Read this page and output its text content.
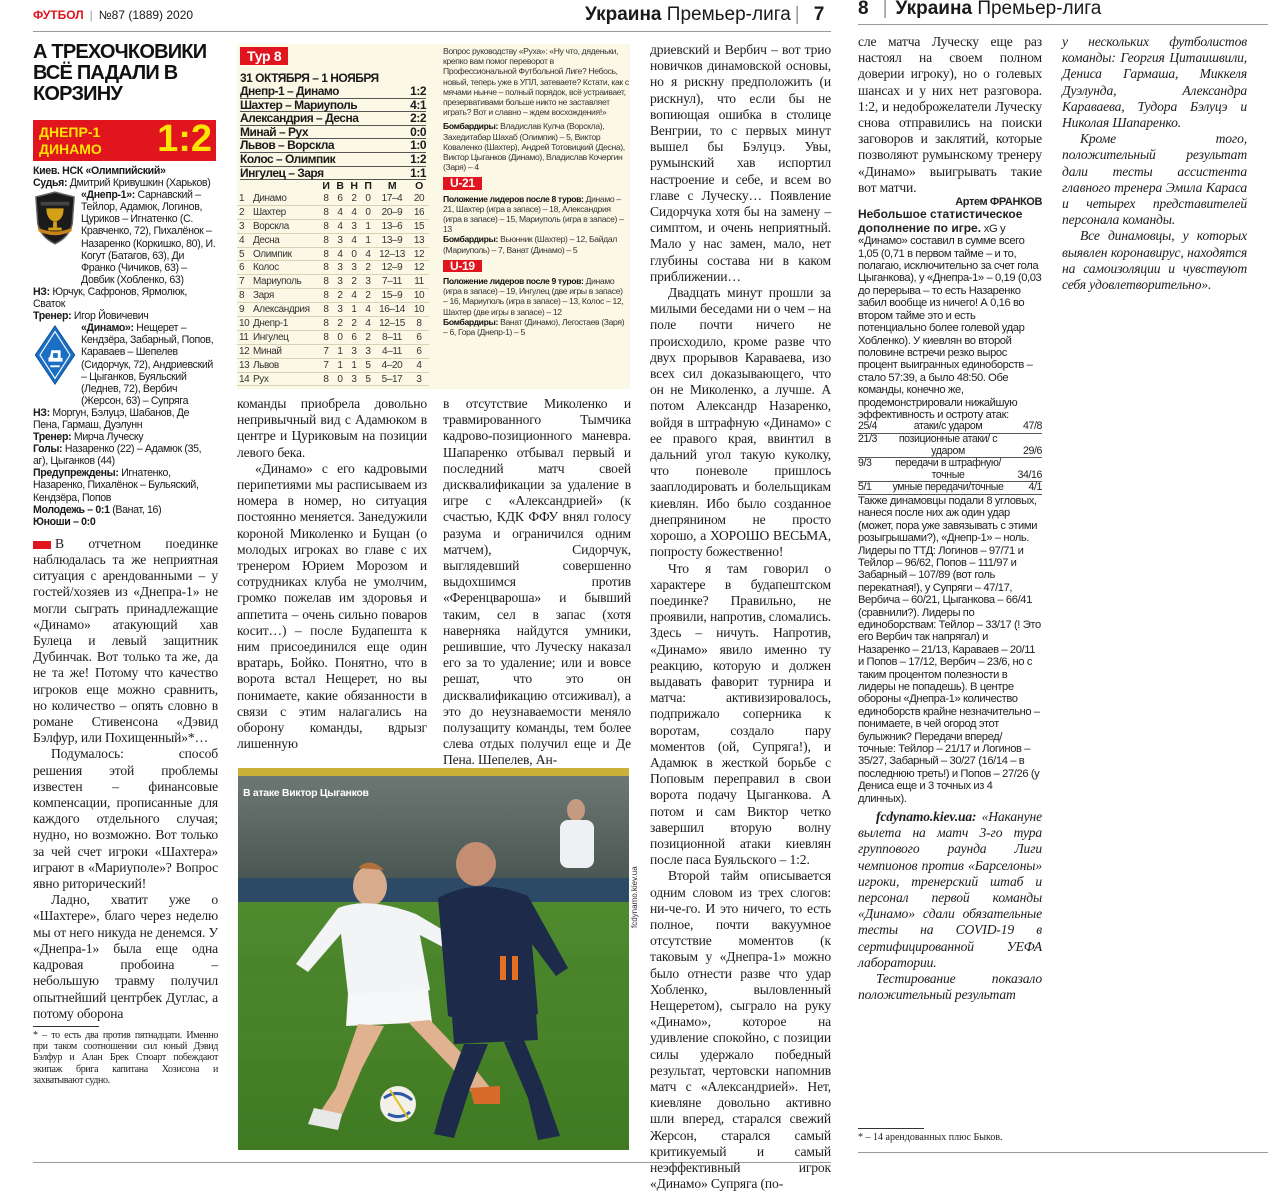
ФУТБОЛ | №87 (1889) 2020	Украина Премьер-лига | 7 8 | Украина Премьер-лига
А ТРЕХОЧКОВИКИ ВСЁ ПАДАЛИ В КОРЗИНУ
ДНЕПР-1
ДИНАМО 1:2
Киев. НСК «Олимпийский»
Судья: Дмитрий Кривушкин (Харьков)
«Днепр-1»: Сарнавский – Тейлор, Адамюк, Логинов, Цуриков – Игнатенко (С. Кравченко, 72), Пихалёнок – Назаренко (Коркишко, 80), И. Когут (Батагов, 63), Ди Франко (Чичиков, 63) – Довбик (Хобленко, 63)
НЗ: Юрчук, Сафронов, Ярмолюк, Сваток
Тренер: Игор Йовичевич
«Динамо»: Нещерет – Кендзёра, Забарный, Попов, Караваев – Шепелев (Сидорчук, 72), Андриевский – Цыганков, Буяльский (Леднев, 72), Вербич (Жерсон, 63) – Супряга
НЗ: Моргун, Бэлуцэ, Шабанов, Де Пена, Гармаш, Дуэлунн
Тренер: Мирча Луческу
Голы: Назаренко (22) – Адамюк (35, аг), Цыганков (44)
Предупреждены: Игнатенко, Назаренко, Пихалёнок – Бульяский, Кендзёра, Попов
Молодежь – 0:1 (Ванат, 16)
Юноши – 0:0

В отчетном поединке наблюдалась та же неприятная ситуация с арендованными – у гостей/хозяев из «Днепра-1» не могли сыграть принадлежащие «Динамо» атакующий хав Булеца и левый защитник Дубинчак. Вот только та же, да не та же! Потому что качество игроков еще можно сравнить, но количество – опять словно в романе Стивенсона «Дэвид Бэлфур, или Похищенный»*…

Подумалось: способ решения этой проблемы известен – финансовые компенсации, прописанные для каждого отдельного случая; нудно, но возможно. Вот только за чей счет игроки «Шахтера» играют в «Мариуполе»? Вопрос явно риторический!

Ладно, хватит уже о «Шахтере», благо через неделю мы от него никуда не денемся. У «Днепра-1» была еще одна кадровая пробоина – небольшую травму получил опытнейший центрбек Дуглас, а потому оборона

* – то есть два против пятнадцати. Именно при таком соотношении сил юный Дэвид Бэлфур и Алан Брек Стюарт побеждают экипаж брига капитана Хозисона и захватывают судно.
Тур 8
31 ОКТЯБРЯ – 1 НОЯБРЯ
Днепр-1 – Динамо	1:2
Шахтер – Мариуполь	4:1
Александрия – Десна	2:2
Минай – Рух	0:0
Львов – Ворскла	1:0
Колос – Олимпик	1:2
Ингулец – Заря	1:1
		И	В	Н	П	М	О
1	Динамо	8	6	2	0	17–4	20
2	Шахтер	8	4	4	0	20–9	16
3	Ворскла	8	4	3	1	13–6	15
4	Десна	8	3	4	1	13–9	13
5	Олимпик	8	4	0	4	12–13	12
6	Колос	8	3	3	2	12–9	12
7	Мариуполь	8	3	2	3	7–11	11
8	Заря	8	2	4	2	15–9	10
9	Александрия	8	3	1	4	16–14	10
10	Днепр-1	8	2	2	4	12–15	8
11	Ингулец	8	0	6	2	8–11	6
12	Минай	7	1	3	3	4–11	6
13	Львов	7	1	1	5	4–20	4
14	Рух	8	0	3	5	5–17	3

Вопрос руководству «Руха»: «Ну что, дяденьки, крепко вам помог переворот в Профессиональной Футбольной Лиге? Небось, новый, теперь уже в УПЛ, затеваете? Кстати, как с мячами нынче – полный порядок, всё устраивает, презервативами больше никто не заставляет играть? Вот и славно – ждем восхождения!»

Бомбардиры: Владислав Кулча (Ворскла), Захедитабар Шахаб (Олимпик) – 5, Виктор Коваленко (Шахтер), Андрей Тотовицкий (Десна), Виктор Цыганков (Динамо), Владислав Кочергин (Заря) – 4

U-21

Положение лидеров после 8 туров: Динамо – 21, Шахтер (игра в запасе) – 18, Александрия (игра в запасе) – 15, Мариуполь (игра в запасе) – 13

Бомбардиры: Вьюнник (Шахтер) – 12, Байдал (Мариуполь) – 7, Ванат (Динамо) – 5

U-19

Положение лидеров после 9 туров: Динамо (игра в запасе) – 19, Ингулец (две игры в запасе) – 16, Мариуполь (игра в запасе) – 13, Колос – 12, Шахтер (две игры в запасе) – 12

Бомбардиры: Ванат (Динамо), Легостаев (Заря) – 6, Гора (Днепр-1) – 5

команды приобрела довольно непривычный вид с Адамюком в центре и Цуриковым на позиции левого бека.

«Динамо» с его кадровыми перипетиями мы расписываем из номера в номер, но ситуация постоянно меняется. Занедужили короной Миколенко и Бущан (о молодых игроках во главе с их тренером Юрием Морозом и сотрудниках клуба не умолчим, громко пожелав им здоровья и аппетита – очень сильно поваров косит…) – после Будапешта к ним присоединился еще один вратарь, Бойко. Понятно, что в ворота встал Нещерет, но вы понимаете, какие обязанности в связи с этим налагались на оборону команды, вдрызг лишенную

в отсутствие Миколенко и травмированного Тымчика кадрово-позиционного маневра. Шапаренко отбывал первый и последний матч своей дисквалификации за удаление в игре с «Александрией» (к счастью, КДК ФФУ внял голосу разума и ограничился одним матчем), Сидорчук, выглядевший совершенно выдохшимся против «Ференцвароша» и бывший таким, сел в запас (хотя наверняка найдутся умники, решившие, что Луческу наказал его за то удаление; или и вовсе решат, что это он дисквалификацию отсиживал), а это до неузнаваемости меняло полузащиту команды, тем более слева отдых получил еще и Де Пена. Шепелев, Ан-

В атаке Виктор Цыганков
fcdynamo.kiev.ua

дриевский и Вербич – вот трио новичков динамовской основы, но я рискну предположить (и рискнул), что если бы не вопиющая ошибка в столице Венгрии, то с первых минут вышел бы Бэлуцэ. Увы, румынский хав испортил настроение и себе, и всем во главе с Луческу… Появление Сидорчука хотя бы на замену – симптом, и очень неприятный. Мало у нас замен, мало, нет глубины состава ни в каком приближении…

Двадцать минут прошли за милыми беседами ни о чем – на поле почти ничего не происходило, кроме разве что двух прорывов Караваева, изо всех сил доказывающего, что он не Миколенко, а лучше. А потом Александр Назаренко, войдя в штрафную «Динамо» с ее правого края, ввинтил в дальний угол такую куколку, что поневоле пришлось зааплодировать и болельщикам киевлян. Ибо было созданное днепрянином не просто хорошо, а ХОРОШО ВЕСЬМА, попросту божественно!

Что я там говорил о характере в будапештском поединке? Правильно, не проявили, напротив, сломались. Здесь – ничуть. Напротив, «Динамо» явило именно ту реакцию, которую и должен выдавать фаворит турнира и матча: активизировалось, подприжало соперника к воротам, создало пару моментов (ой, Супряга!), и Адамюк в жесткой борьбе с Поповым переправил в свои ворота подачу Цыганкова. А потом и сам Виктор четко завершил вторую волну позиционной атаки киевлян после паса Буяльского – 1:2.

Второй тайм описывается одним словом из трех слогов: ни-че-го. И это ничего, то есть полное, почти вакуумное отсутствие моментов (к таковым у «Днепра-1» можно было отнести разве что удар Хобленко, выловленный Нещеретом), сыграло на руку «Динамо», которое на удивление спокойно, с позиции силы удержало победный результат, чертовски напомнив матч с «Александрией». Нет, киевляне довольно активно шли вперед, старался свежий Жерсон, старался самый критикуемый и самый неэффективный игрок «Динамо» Супряга (по-

сле матча Луческу еще раз настоял на своем полном доверии игроку), но о голевых шансах и у них нет разговора. 1:2, и недоброжелатели Луческу снова отправились на поиски заговоров и заклятий, которые позволяют румынскому тренеру «Динамо» выигрывать такие вот матчи.

Артем ФРАНКОВ
Небольшое статистическое дополнение по игре. xG у «Динамо» составил в сумме всего 1,05 (0,71 в первом тайме – и то, полагаю, исключительно за счет гола Цыганкова), у «Днепра-1» – 0,19 (0,03 до перерыва – то есть Назаренко забил вообще из ничего! А 0,16 во втором тайме это и есть потенциально более голевой удар Хобленко). У киевлян во второй половине встречи резко вырос процент выигранных единоборств – стало 57:39, а было 48:50. Обе команды, конечно же, продемонстрировали нижайшую эффективность и остроту атак:
25/4	атаки/с ударом	47/8
21/3	позиционные атаки/ с ударом	29/6
9/3	передачи в штрафную/ точные	34/16
5/1	умные передачи/точные	4/1
Также динамовцы подали 8 угловых, нанеся после них аж один удар (может, пора уже завязывать с этими розыгрышами?), «Днепр-1» – ноль. Лидеры по ТТД: Логинов – 97/71 и Тейлор – 96/62, Попов – 111/97 и Забарный – 107/89 (вот голь перекатная!), у Супряги – 47/17, Вербича – 60/21, Цыганкова – 66/41 (сравнили?). Лидеры по единоборствам: Тейлор – 33/17 (! Это его Вербич так напрягал) и Назаренко – 21/13, Караваев – 20/11 и Попов – 17/12, Вербич – 23/6, но с таким процентом полезности в лидеры не попадешь). В центре обороны «Днепра-1» количество единоборств крайне незначительно – понимаете, в чей огород этот булыжник? Передачи вперед/ точные: Тейлор – 21/17 и Логинов – 35/27, Забарный – 30/27 (16/14 – в последнюю треть!) и Попов – 27/26 (у Дениса еще и 3 точных из 4 длинных).

fcdynamo.kiev.ua: «Накануне вылета на матч 3-го тура группового раунда Лиги чемпионов против «Барселоны» игроки, тренерский штаб и персонал первой команды «Динамо» сдали обязательные тесты на COVID-19 в сертифицированной УЕФА лаборатории.

Тестирование показало положительный результат

* – 14 арендованных плюс Быков.

у нескольких футболистов команды: Георгия Цитаишвили, Дениса Гармаша, Миккеля Дуэлунда, Александра Караваева, Тудора Бэлуцэ и Николая Шапаренко.

Кроме того, положительный результат дали тесты ассистента главного тренера Эмила Караса и четырех представителей персонала команды.

Все динамовцы, у которых выявлен коронавирус, находятся на самоизоляции и чувствуют себя удовлетворительно».
